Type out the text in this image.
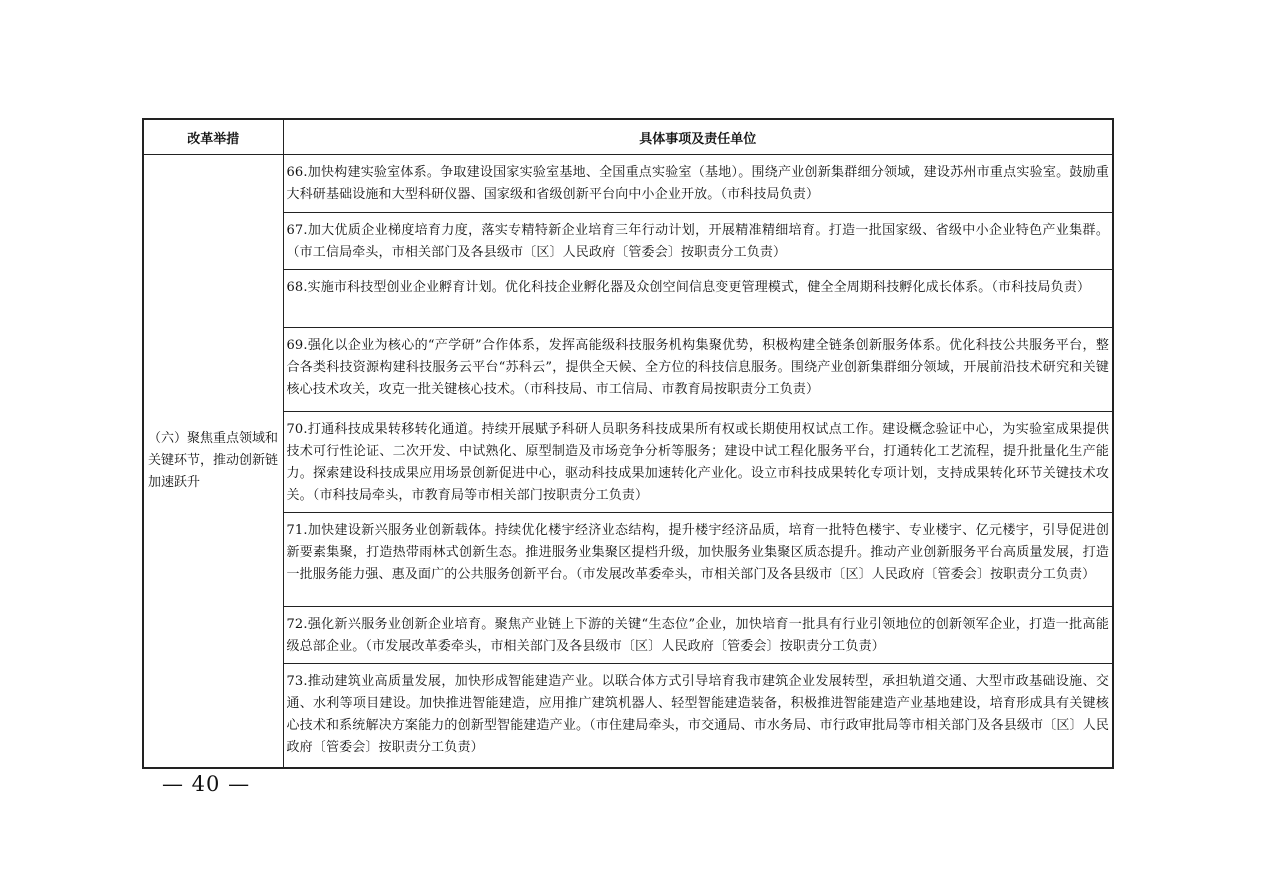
改革举措	具体事项及责任单位
（六）聚焦重点领域和关键环节，推动创新链加速跃升	66.加快构建实验室体系。争取建设国家实验室基地、全国重点实验室（基地）。围绕产业创新集群细分领域，建设苏州市重点实验室。鼓励重大科研基础设施和大型科研仪器、国家级和省级创新平台向中小企业开放。（市科技局负责）
	67.加大优质企业梯度培育力度，落实专精特新企业培育三年行动计划，开展精准精细培育。打造一批国家级、省级中小企业特色产业集群。（市工信局牵头，市相关部门及各县级市〔区〕人民政府〔管委会〕按职责分工负责）
	68.实施市科技型创业企业孵育计划。优化科技企业孵化器及众创空间信息变更管理模式，健全全周期科技孵化成长体系。（市科技局负责）
	69.强化以企业为核心的“产学研”合作体系，发挥高能级科技服务机构集聚优势，积极构建全链条创新服务体系。优化科技公共服务平台，整合各类科技资源构建科技服务云平台“苏科云”，提供全天候、全方位的科技信息服务。围绕产业创新集群细分领域，开展前沿技术研究和关键核心技术攻关，攻克一批关键核心技术。（市科技局、市工信局、市教育局按职责分工负责）
	70.打通科技成果转移转化通道。持续开展赋予科研人员职务科技成果所有权或长期使用权试点工作。建设概念验证中心，为实验室成果提供技术可行性论证、二次开发、中试熟化、原型制造及市场竞争分析等服务；建设中试工程化服务平台，打通转化工艺流程，提升批量化生产能力。探索建设科技成果应用场景创新促进中心，驱动科技成果加速转化产业化。设立市科技成果转化专项计划，支持成果转化环节关键技术攻关。（市科技局牵头，市教育局等市相关部门按职责分工负责）
	71.加快建设新兴服务业创新载体。持续优化楼宇经济业态结构，提升楼宇经济品质，培育一批特色楼宇、专业楼宇、亿元楼宇，引导促进创新要素集聚，打造热带雨林式创新生态。推进服务业集聚区提档升级，加快服务业集聚区质态提升。推动产业创新服务平台高质量发展，打造一批服务能力强、惠及面广的公共服务创新平台。（市发展改革委牵头，市相关部门及各县级市〔区〕人民政府〔管委会〕按职责分工负责）
	72.强化新兴服务业创新企业培育。聚焦产业链上下游的关键“生态位”企业，加快培育一批具有行业引领地位的创新领军企业，打造一批高能级总部企业。（市发展改革委牵头，市相关部门及各县级市〔区〕人民政府〔管委会〕按职责分工负责）
	73.推动建筑业高质量发展，加快形成智能建造产业。以联合体方式引导培育我市建筑企业发展转型，承担轨道交通、大型市政基础设施、交通、水利等项目建设。加快推进智能建造，应用推广建筑机器人、轻型智能建造装备，积极推进智能建造产业基地建设，培育形成具有关键核心技术和系统解决方案能力的创新型智能建造产业。（市住建局牵头，市交通局、市水务局、市行政审批局等市相关部门及各县级市〔区〕人民政府〔管委会〕按职责分工负责）
— 40 —
